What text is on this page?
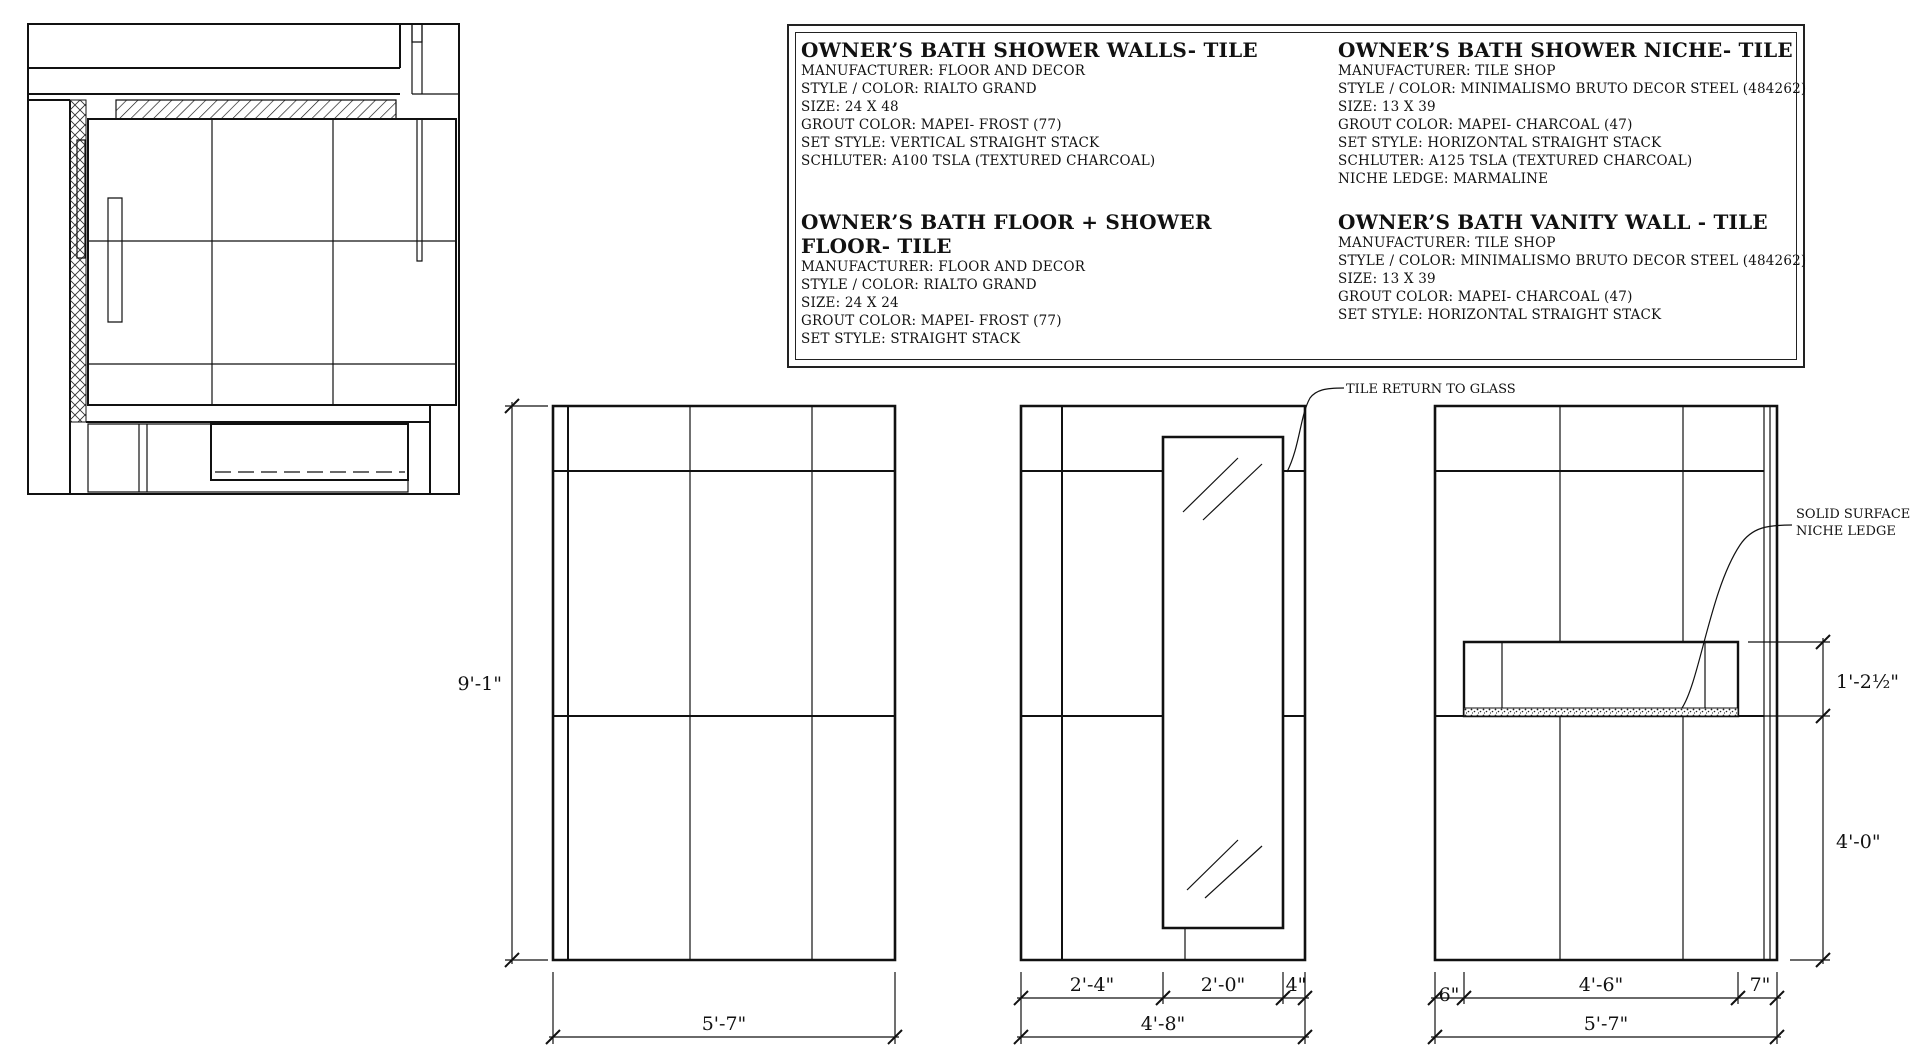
OWNER’S BATH SHOWER WALLS- TILE
MANUFACTURER: FLOOR AND DECOR
STYLE / COLOR: RIALTO GRAND
SIZE: 24 X 48
GROUT COLOR: MAPEI- FROST (77)
SET STYLE: VERTICAL STRAIGHT STACK
SCHLUTER: A100 TSLA (TEXTURED CHARCOAL)
OWNER’S BATH SHOWER NICHE- TILE
MANUFACTURER: TILE SHOP
STYLE / COLOR: MINIMALISMO BRUTO DECOR STEEL (484262)
SIZE: 13 X 39
GROUT COLOR: MAPEI- CHARCOAL (47)
SET STYLE: HORIZONTAL STRAIGHT STACK
SCHLUTER: A125 TSLA (TEXTURED CHARCOAL)
NICHE LEDGE: MARMALINE
OWNER’S BATH FLOOR + SHOWER FLOOR- TILE
MANUFACTURER: FLOOR AND DECOR
STYLE / COLOR: RIALTO GRAND
SIZE: 24 X 24
GROUT COLOR: MAPEI- FROST (77)
SET STYLE: STRAIGHT STACK
OWNER’S BATH VANITY WALL - TILE
MANUFACTURER: TILE SHOP
STYLE / COLOR: MINIMALISMO BRUTO DECOR STEEL (484262)
SIZE: 13 X 39
GROUT COLOR: MAPEI- CHARCOAL (47)
SET STYLE: HORIZONTAL STRAIGHT STACK
9'-1"
5'-7"
TILE RETURN TO GLASS
2'-4"	2'-0" 4"
4'-8"
SOLID SURFACE
NICHE LEDGE
1'-2½"
4'-0"
6"	4'-6"	7"
5'-7"
